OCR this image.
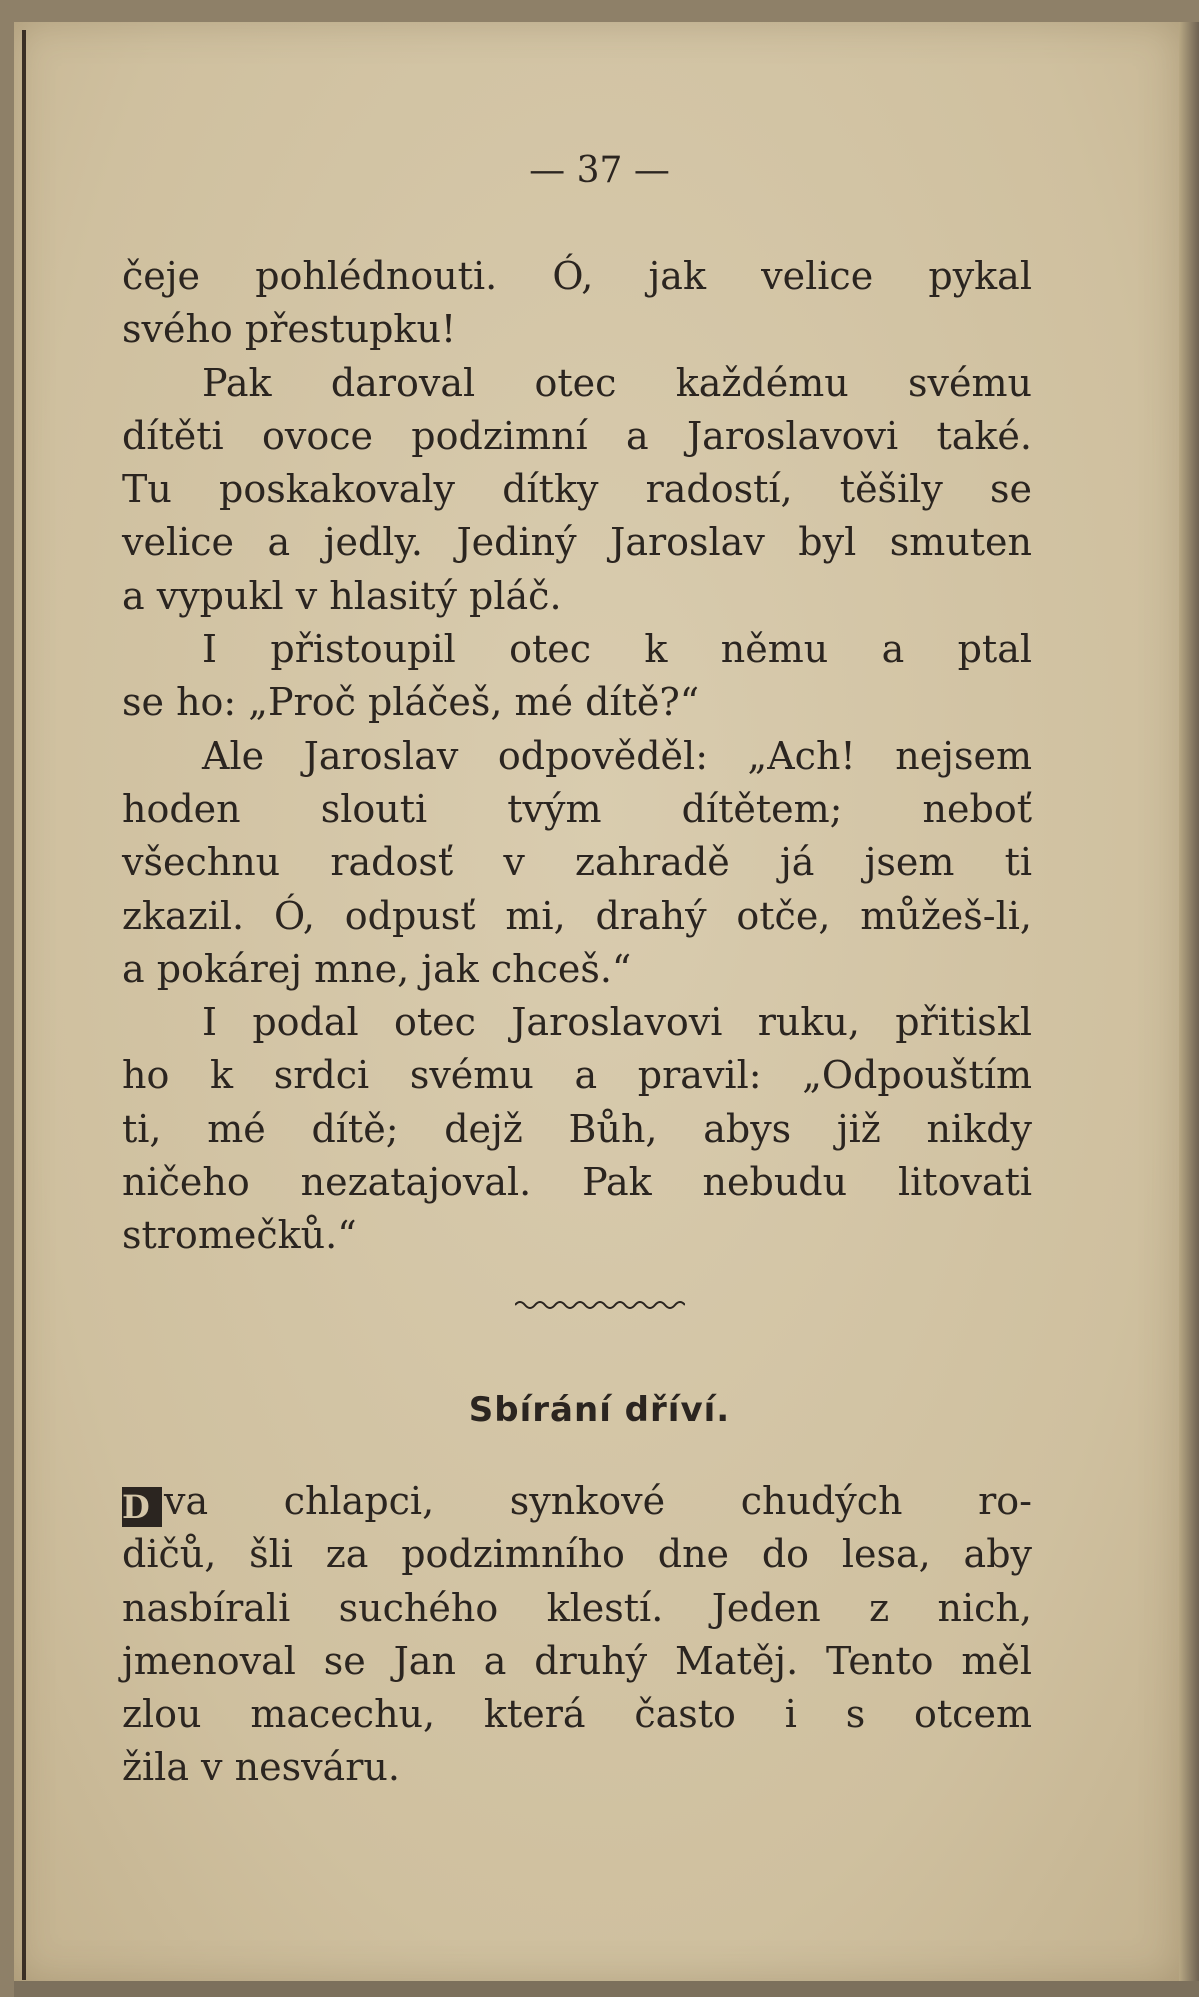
— 37 —
čeje pohlédnouti. Ó, jak velice pykal
svého přestupku!
Pak daroval otec každému svému
dítěti ovoce podzimní a Jaroslavovi také.
Tu poskakovaly dítky radostí, těšily se
velice a jedly. Jediný Jaroslav byl smuten
a vypukl v hlasitý pláč.
I přistoupil otec k němu a ptal
se ho: „Proč pláčeš, mé dítě?“
Ale Jaroslav odpověděl: „Ach! nejsem
hoden slouti tvým dítětem; neboť
všechnu radosť v zahradě já jsem ti
zkazil. Ó, odpusť mi, drahý otče, můžeš-li,
a pokárej mne, jak chceš.“
I podal otec Jaroslavovi ruku, přitiskl
ho k srdci svému a pravil: „Odpouštím
ti, mé dítě; dejž Bůh, abys již nikdy
ničeho nezatajoval. Pak nebudu litovati
stromečků.“
Sbírání dříví.
D va chlapci, synkové chudých ro-
dičů, šli za podzimního dne do lesa, aby
nasbírali suchého klestí. Jeden z nich,
jmenoval se Jan a druhý Matěj. Tento měl
zlou macechu, která často i s otcem
žila v nesváru.
